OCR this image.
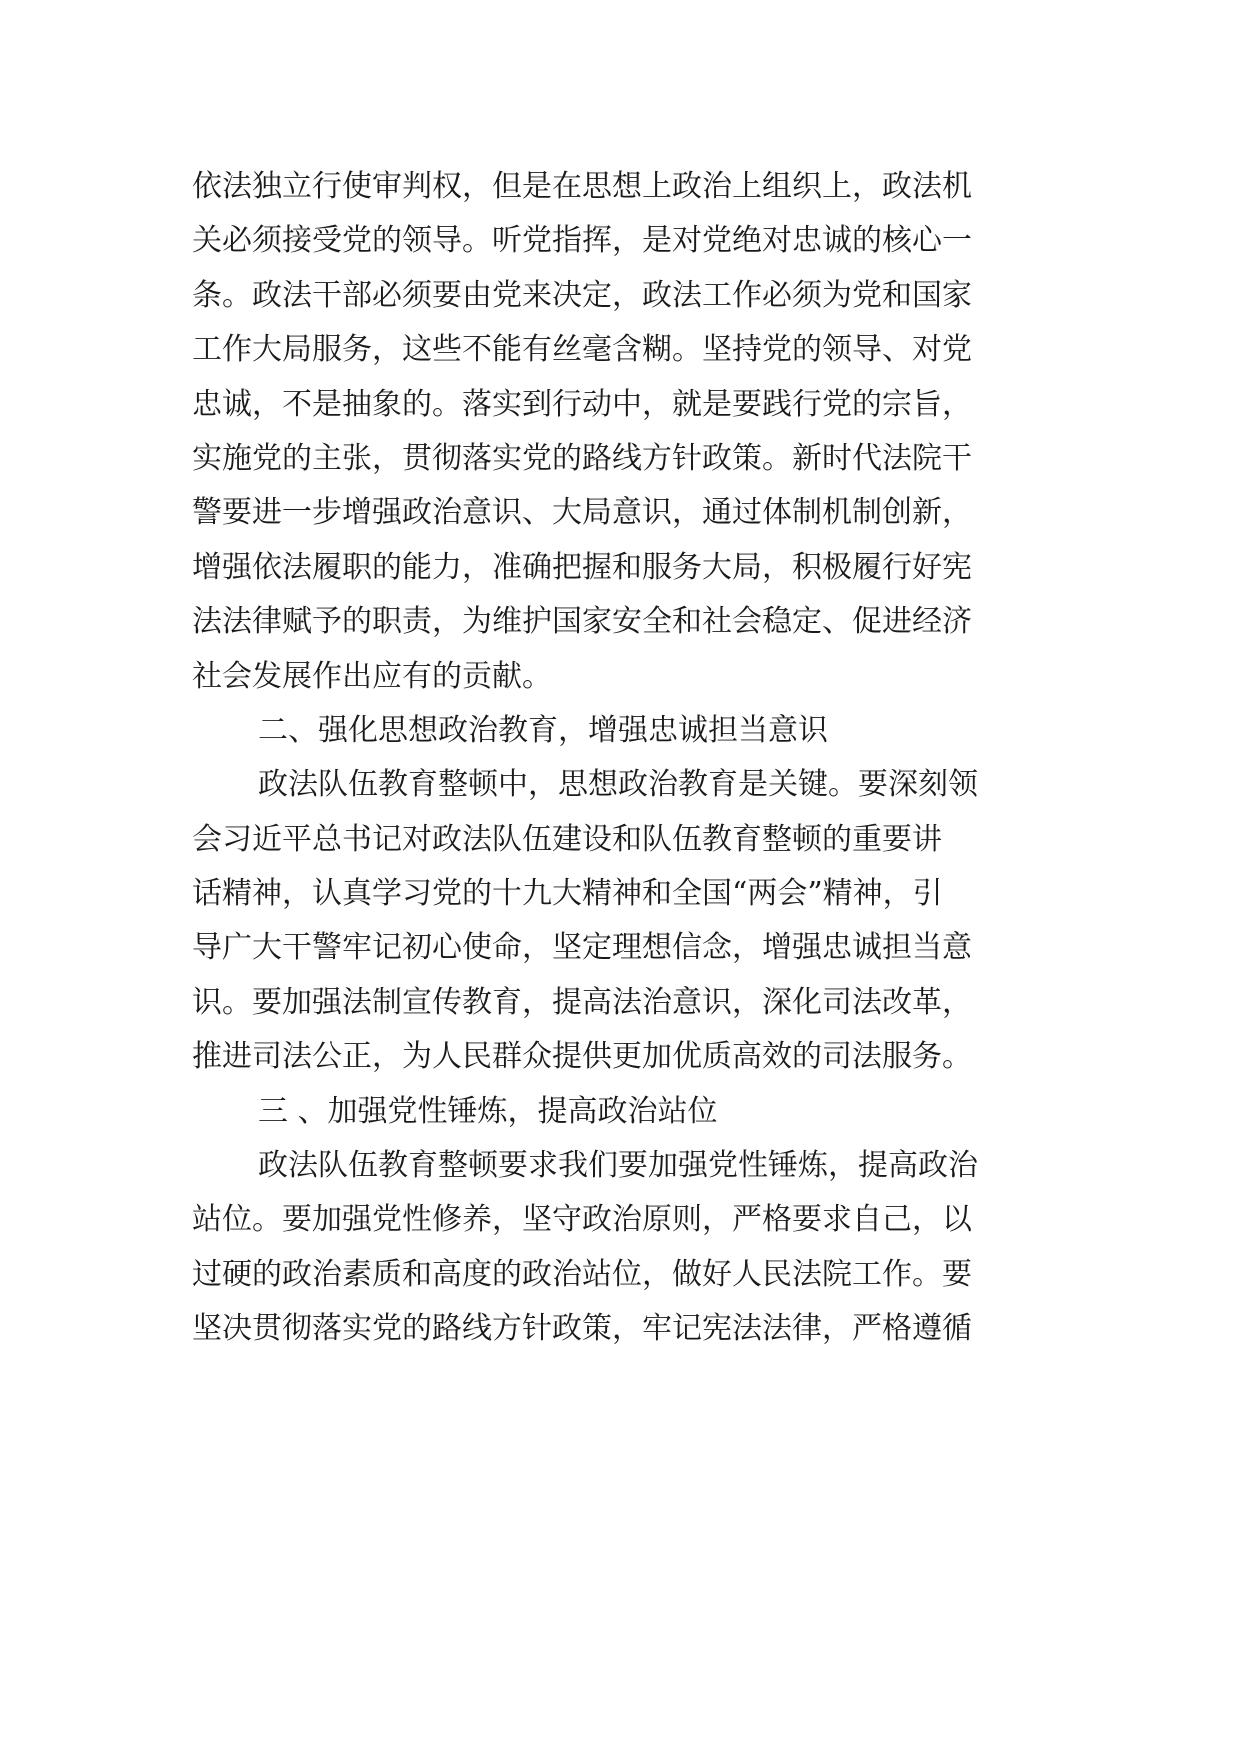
依法独立行使审判权，但是在思想上政治上组织上，政法机
关必须接受党的领导。听党指挥，是对党绝对忠诚的核心一
条。政法干部必须要由党来决定，政法工作必须为党和国家
工作大局服务，这些不能有丝毫含糊。坚持党的领导、对党
忠诚，不是抽象的。落实到行动中，就是要践行党的宗旨，
实施党的主张，贯彻落实党的路线方针政策。新时代法院干
警要进一步增强政治意识、大局意识，通过体制机制创新，
增强依法履职的能力，准确把握和服务大局，积极履行好宪
法法律赋予的职责，为维护国家安全和社会稳定、促进经济
社会发展作出应有的贡献。
二、强化思想政治教育，增强忠诚担当意识
政法队伍教育整顿中，思想政治教育是关键。要深刻领
会习近平总书记对政法队伍建设和队伍教育整顿的重要讲
话精神，认真学习党的十九大精神和全国“两会”精神，引
导广大干警牢记初心使命，坚定理想信念，增强忠诚担当意
识。要加强法制宣传教育，提高法治意识，深化司法改革，
推进司法公正，为人民群众提供更加优质高效的司法服务。
三 、加强党性锤炼，提高政治站位
政法队伍教育整顿要求我们要加强党性锤炼，提高政治
站位。要加强党性修养，坚守政治原则，严格要求自己，以
过硬的政治素质和高度的政治站位，做好人民法院工作。要
坚决贯彻落实党的路线方针政策，牢记宪法法律，严格遵循
